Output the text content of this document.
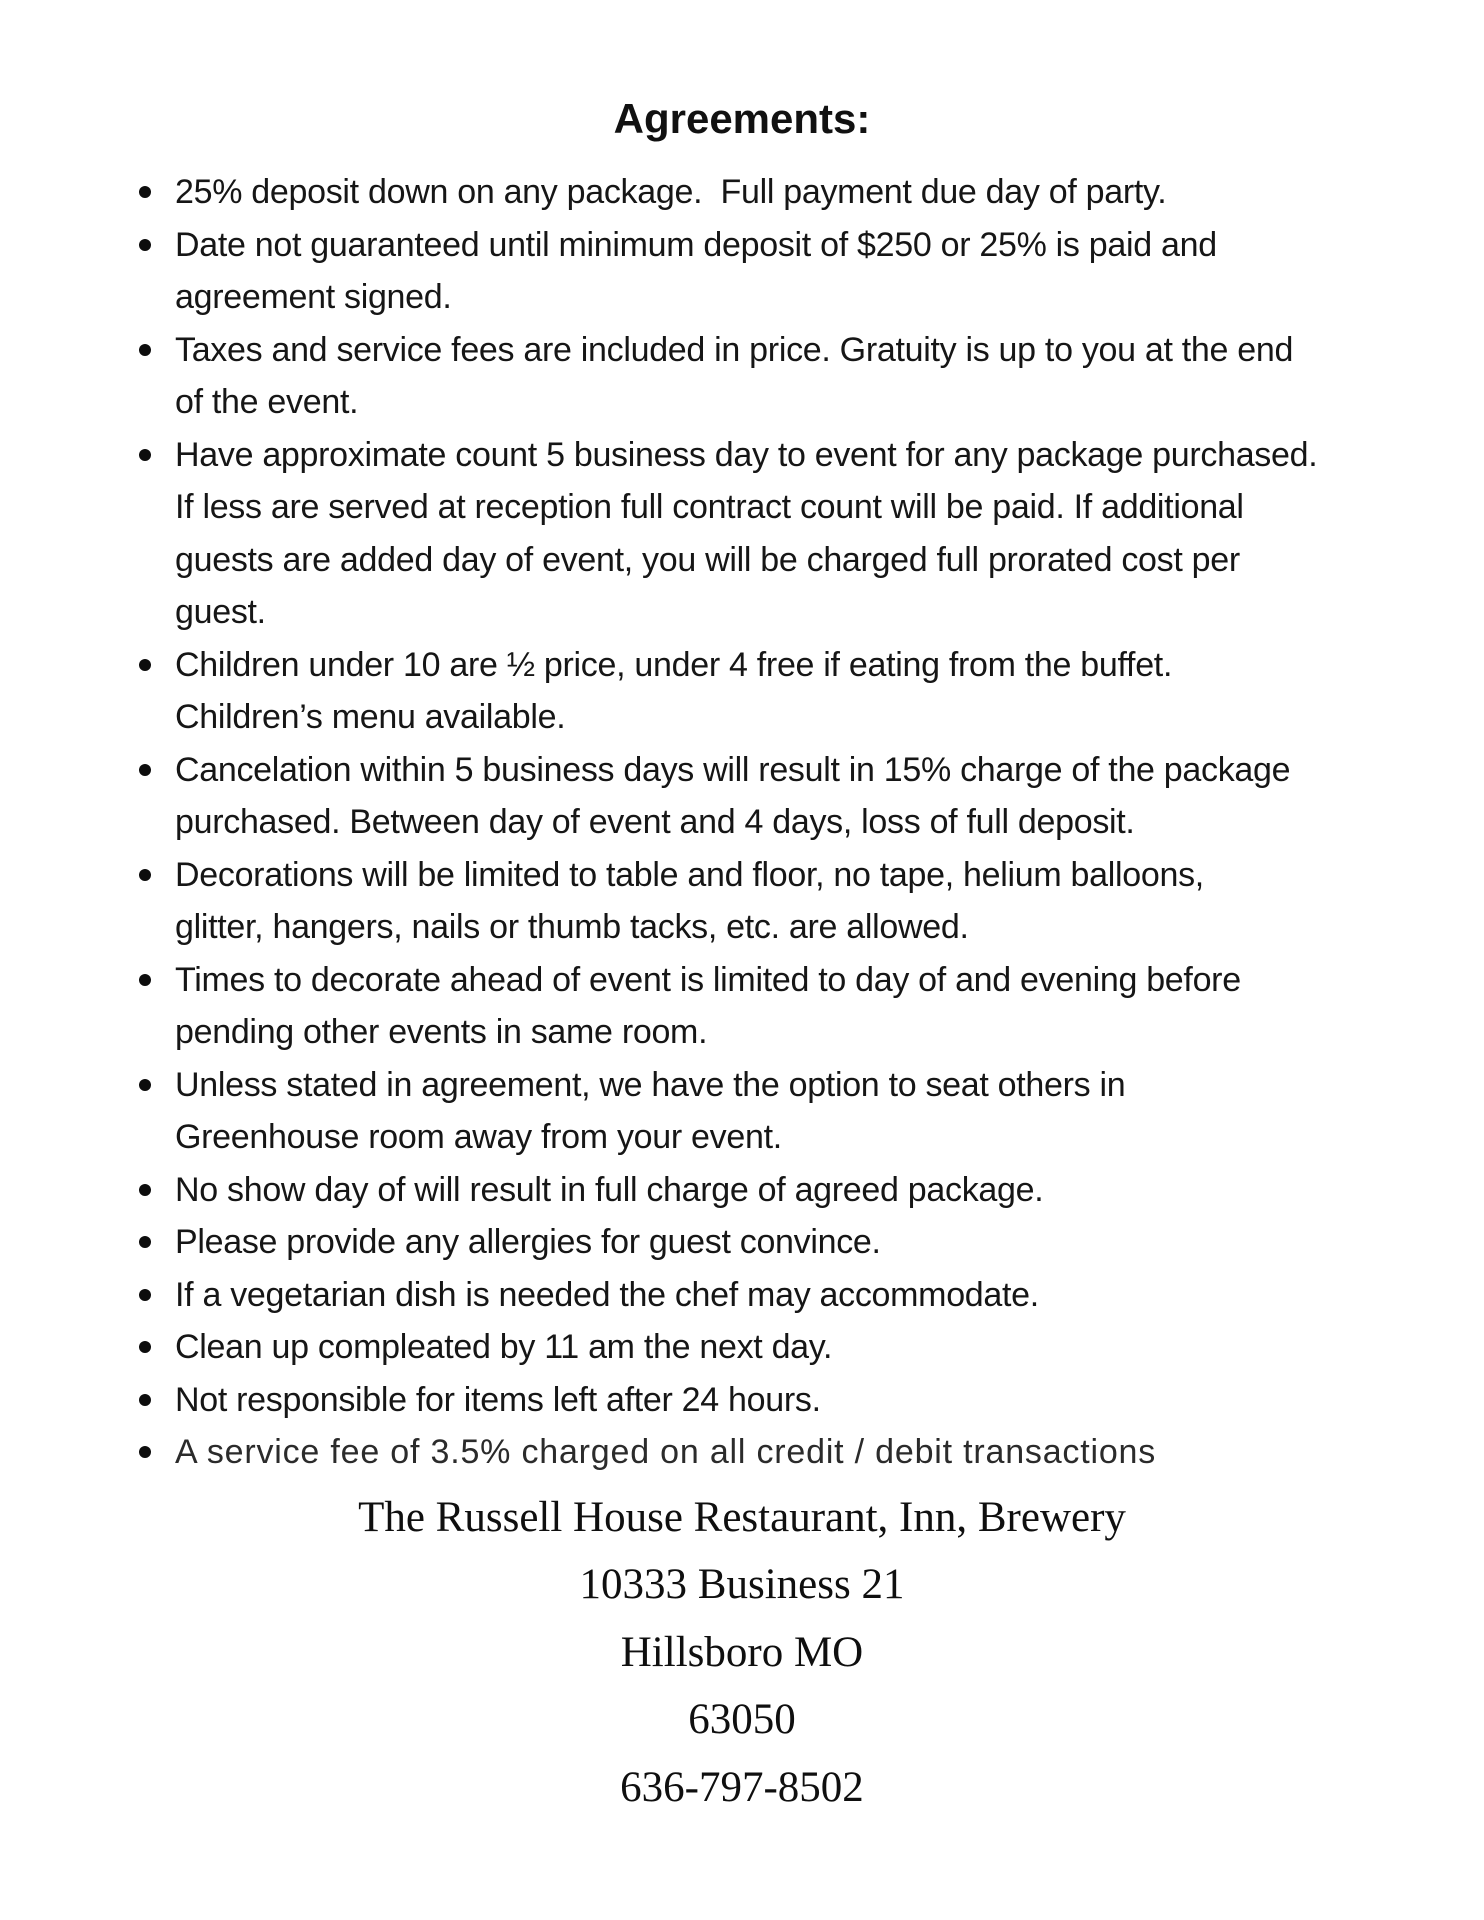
Agreements:
25% deposit down on any package.  Full payment due day of party.
Date not guaranteed until minimum deposit of $250 or 25% is paid and
agreement signed.
Taxes and service fees are included in price. Gratuity is up to you at the end
of the event.
Have approximate count 5 business day to event for any package purchased.
If less are served at reception full contract count will be paid. If additional
guests are added day of event, you will be charged full prorated cost per
guest.
Children under 10 are ½ price, under 4 free if eating from the buffet.
Children’s menu available.
Cancelation within 5 business days will result in 15% charge of the package
purchased. Between day of event and 4 days, loss of full deposit.
Decorations will be limited to table and floor, no tape, helium balloons,
glitter, hangers, nails or thumb tacks, etc. are allowed.
Times to decorate ahead of event is limited to day of and evening before
pending other events in same room.
Unless stated in agreement, we have the option to seat others in
Greenhouse room away from your event.
No show day of will result in full charge of agreed package.
Please provide any allergies for guest convince.
If a vegetarian dish is needed the chef may accommodate.
Clean up compleated by 11 am the next day.
Not responsible for items left after 24 hours.
A service fee of 3.5% charged on all credit / debit transactions
The Russell House Restaurant, Inn, Brewery
10333 Business 21
Hillsboro MO
63050
636-797-8502
